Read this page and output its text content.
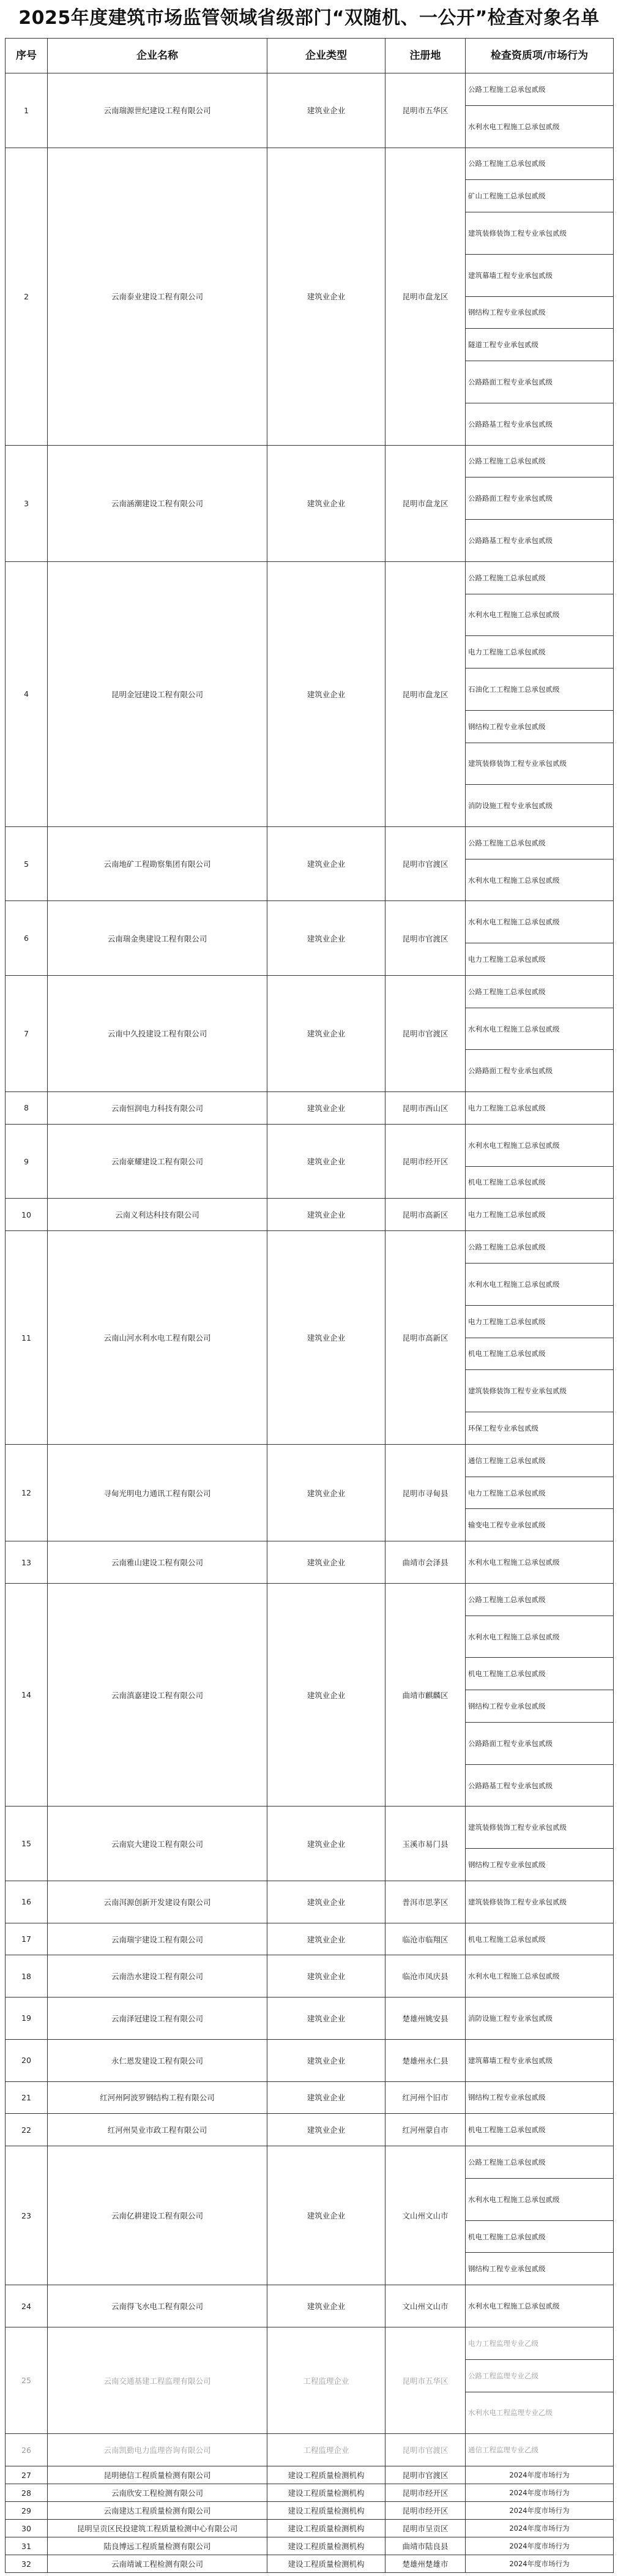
2025年度建筑市场监管领域省级部门“双随机、一公开”检查对象名单
序号	企业名称	企业类型	注册地	检查资质项/市场行为
1	云南瑞源世纪建设工程有限公司	建筑业企业	昆明市五华区	公路工程施工总承包贰级
				水利水电工程施工总承包贰级
2	云南泰业建设工程有限公司	建筑业企业	昆明市盘龙区	公路工程施工总承包贰级
				矿山工程施工总承包贰级
				建筑装修装饰工程专业承包贰级
				建筑幕墙工程专业承包贰级
				钢结构工程专业承包贰级
				隧道工程专业承包贰级
				公路路面工程专业承包贰级
				公路路基工程专业承包贰级
3	云南涵潮建设工程有限公司	建筑业企业	昆明市盘龙区	公路工程施工总承包贰级
				公路路面工程专业承包贰级
				公路路基工程专业承包贰级
4	昆明金冠建设工程有限公司	建筑业企业	昆明市盘龙区	公路工程施工总承包贰级
				水利水电工程施工总承包贰级
				电力工程施工总承包贰级
				石油化工工程施工总承包贰级
				钢结构工程专业承包贰级
				建筑装修装饰工程专业承包贰级
				消防设施工程专业承包贰级
5	云南地矿工程勘察集团有限公司	建筑业企业	昆明市官渡区	公路工程施工总承包贰级
				水利水电工程施工总承包贰级
6	云南瑞金奥建设工程有限公司	建筑业企业	昆明市官渡区	水利水电工程施工总承包贰级
				电力工程施工总承包贰级
7	云南中久投建设工程有限公司	建筑业企业	昆明市官渡区	公路工程施工总承包贰级
				水利水电工程施工总承包贰级
				公路路面工程专业承包贰级
8	云南恒润电力科技有限公司	建筑业企业	昆明市西山区	电力工程施工总承包贰级
9	云南豪耀建设工程有限公司	建筑业企业	昆明市经开区	水利水电工程施工总承包贰级
				机电工程施工总承包贰级
10	云南义利达科技有限公司	建筑业企业	昆明市高新区	电力工程施工总承包贰级
11	云南山河水利水电工程有限公司	建筑业企业	昆明市高新区	公路工程施工总承包贰级
				水利水电工程施工总承包贰级
				电力工程施工总承包贰级
				机电工程施工总承包贰级
				建筑装修装饰工程专业承包贰级
				环保工程专业承包贰级
12	寻甸光明电力通讯工程有限公司	建筑业企业	昆明市寻甸县	通信工程施工总承包贰级
				电力工程施工总承包贰级
				输变电工程专业承包贰级
13	云南雅山建设工程有限公司	建筑业企业	曲靖市会泽县	水利水电工程施工总承包贰级
14	云南滇嘉建设工程有限公司	建筑业企业	曲靖市麒麟区	公路工程施工总承包贰级
				水利水电工程施工总承包贰级
				机电工程施工总承包贰级
				钢结构工程专业承包贰级
				公路路面工程专业承包贰级
				公路路基工程专业承包贰级
15	云南宸大建设工程有限公司	建筑业企业	玉溪市易门县	建筑装修装饰工程专业承包贰级
				钢结构工程专业承包贰级
16	云南洱源创新开发建设有限公司	建筑业企业	普洱市思茅区	建筑装修装饰工程专业承包贰级
17	云南瑞宇建设工程有限公司	建筑业企业	临沧市临翔区	机电工程施工总承包贰级
18	云南浩水建设工程有限公司	建筑业企业	临沧市凤庆县	水利水电工程施工总承包贰级
19	云南泽冠建设工程有限公司	建筑业企业	楚雄州姚安县	消防设施工程专业承包贰级
20	永仁恩发建设工程有限公司	建筑业企业	楚雄州永仁县	建筑幕墙工程专业承包贰级
21	红河州阿波罗钢结构工程有限公司	建筑业企业	红河州个旧市	钢结构工程专业承包贰级
22	红河州昊业市政工程有限公司	建筑业企业	红河州蒙自市	机电工程施工总承包贰级
23	云南亿耕建设工程有限公司	建筑业企业	文山州文山市	公路工程施工总承包贰级
				水利水电工程施工总承包贰级
				机电工程施工总承包贰级
				钢结构工程专业承包贰级
24	云南得飞水电工程有限公司	建筑业企业	文山州文山市	水利水电工程施工总承包贰级
25	云南交通基建工程监理有限公司	工程监理企业	昆明市五华区	电力工程监理专业乙级
				公路工程监理专业乙级
				水利水电工程监理专业乙级
26	云南凯勤电力监理咨询有限公司	工程监理企业	昆明市官渡区	通信工程监理专业乙级
27	昆明徳信工程质量检测有限公司	建设工程质量检测机构	昆明市官渡区	2024年度市场行为
28	云南欣安工程检测有限公司	建设工程质量检测机构	昆明市经开区	2024年度市场行为
29	云南建达工程质量检测有限公司	建设工程质量检测机构	昆明市经开区	2024年度市场行为
30	昆明呈贡区民投建筑工程质量检测中心有限公司	建设工程质量检测机构	昆明市呈贡区	2024年度市场行为
31	陆良博远工程质量检测有限公司	建设工程质量检测机构	曲靖市陆良县	2024年度市场行为
32	云南靖诚工程检测有限公司	建设工程质量检测机构	楚雄州楚雄市	2024年度市场行为
